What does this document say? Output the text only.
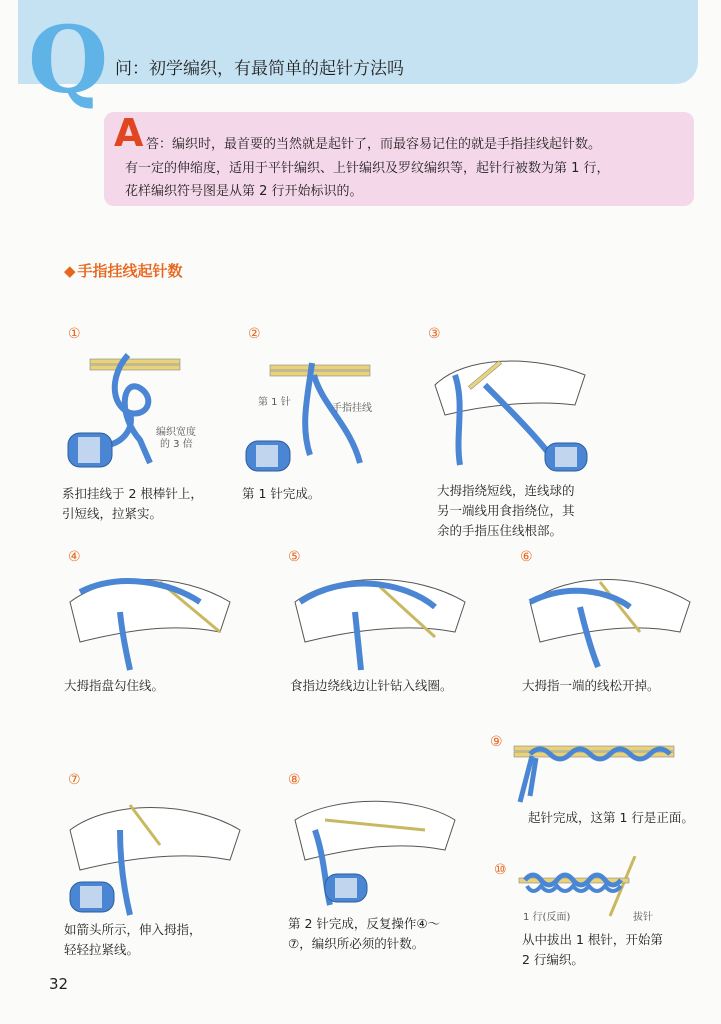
Q 问：初学编织，有最简单的起针方法吗
A 答：编织时，最首要的当然就是起针了，而最容易记住的就是手指挂线起针数。
有一定的伸缩度，适用于平针编织、上针编织及罗纹编织等，起针行被数为第 1 行，
花样编织符号图是从第 2 行开始标识的。
◆ 手指挂线起针数
①	②	③
④	⑤	⑥
⑦	⑧
⑨
⑩
编织宽度
的 3 倍
系扣挂线于 2 根棒针上，
引短线，拉紧实。
第 1 针
手指挂线
第 1 针完成。	大拇指绕短线，连线球的
另一端线用食指绕位，其
余的手指压住线根部。
大拇指盘勾住线。	食指边绕线边让针钻入线圈。	大拇指一端的线松开掉。
如箭头所示，伸入拇指，
轻轻拉紧线。
第 2 针完成，反复操作④～
⑦，编织所必须的针数。
起针完成，这第 1 行是正面。
1 行(反面)	拔针
从中拔出 1 根针，开始第
2 行编织。
32
